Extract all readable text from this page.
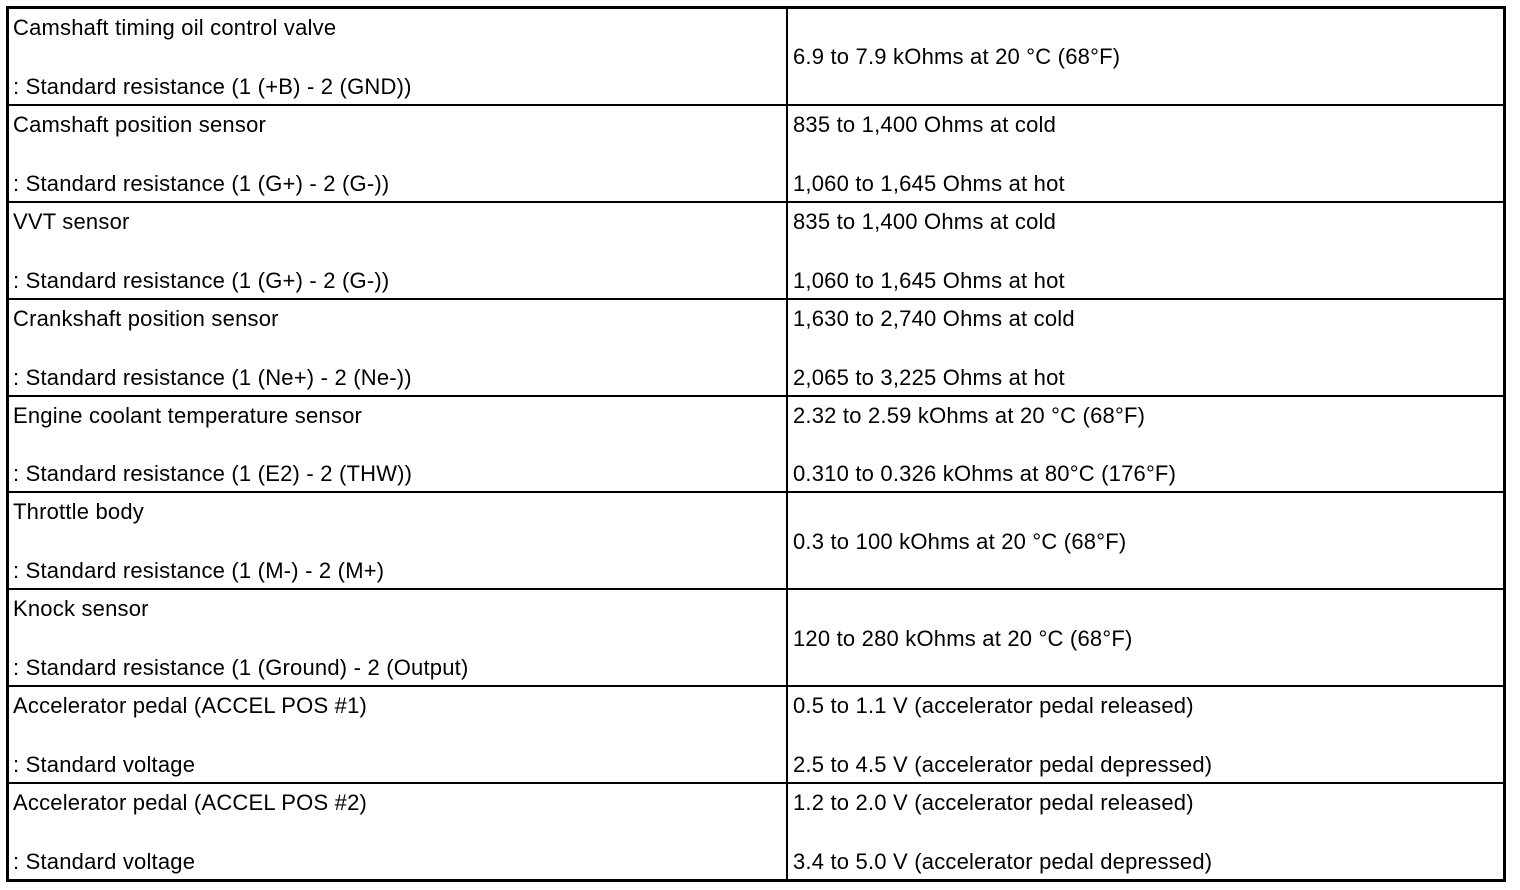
Camshaft timing oil control valve
: Standard resistance (1 (+B) - 2 (GND))
6.9 to 7.9 kOhms at 20 °C (68°F)
Camshaft position sensor
: Standard resistance (1 (G+) - 2 (G-))
835 to 1,400 Ohms at cold
1,060 to 1,645 Ohms at hot
VVT sensor
: Standard resistance (1 (G+) - 2 (G-))
835 to 1,400 Ohms at cold
1,060 to 1,645 Ohms at hot
Crankshaft position sensor
: Standard resistance (1 (Ne+) - 2 (Ne-))
1,630 to 2,740 Ohms at cold
2,065 to 3,225 Ohms at hot
Engine coolant temperature sensor
: Standard resistance (1 (E2) - 2 (THW))
2.32 to 2.59 kOhms at 20 °C (68°F)
0.310 to 0.326 kOhms at 80°C (176°F)
Throttle body
: Standard resistance (1 (M-) - 2 (M+)
0.3 to 100 kOhms at 20 °C (68°F)
Knock sensor
: Standard resistance (1 (Ground) - 2 (Output)
120 to 280 kOhms at 20 °C (68°F)
Accelerator pedal (ACCEL POS #1)
: Standard voltage
0.5 to 1.1 V (accelerator pedal released)
2.5 to 4.5 V (accelerator pedal depressed)
Accelerator pedal (ACCEL POS #2)
: Standard voltage
1.2 to 2.0 V (accelerator pedal released)
3.4 to 5.0 V (accelerator pedal depressed)
